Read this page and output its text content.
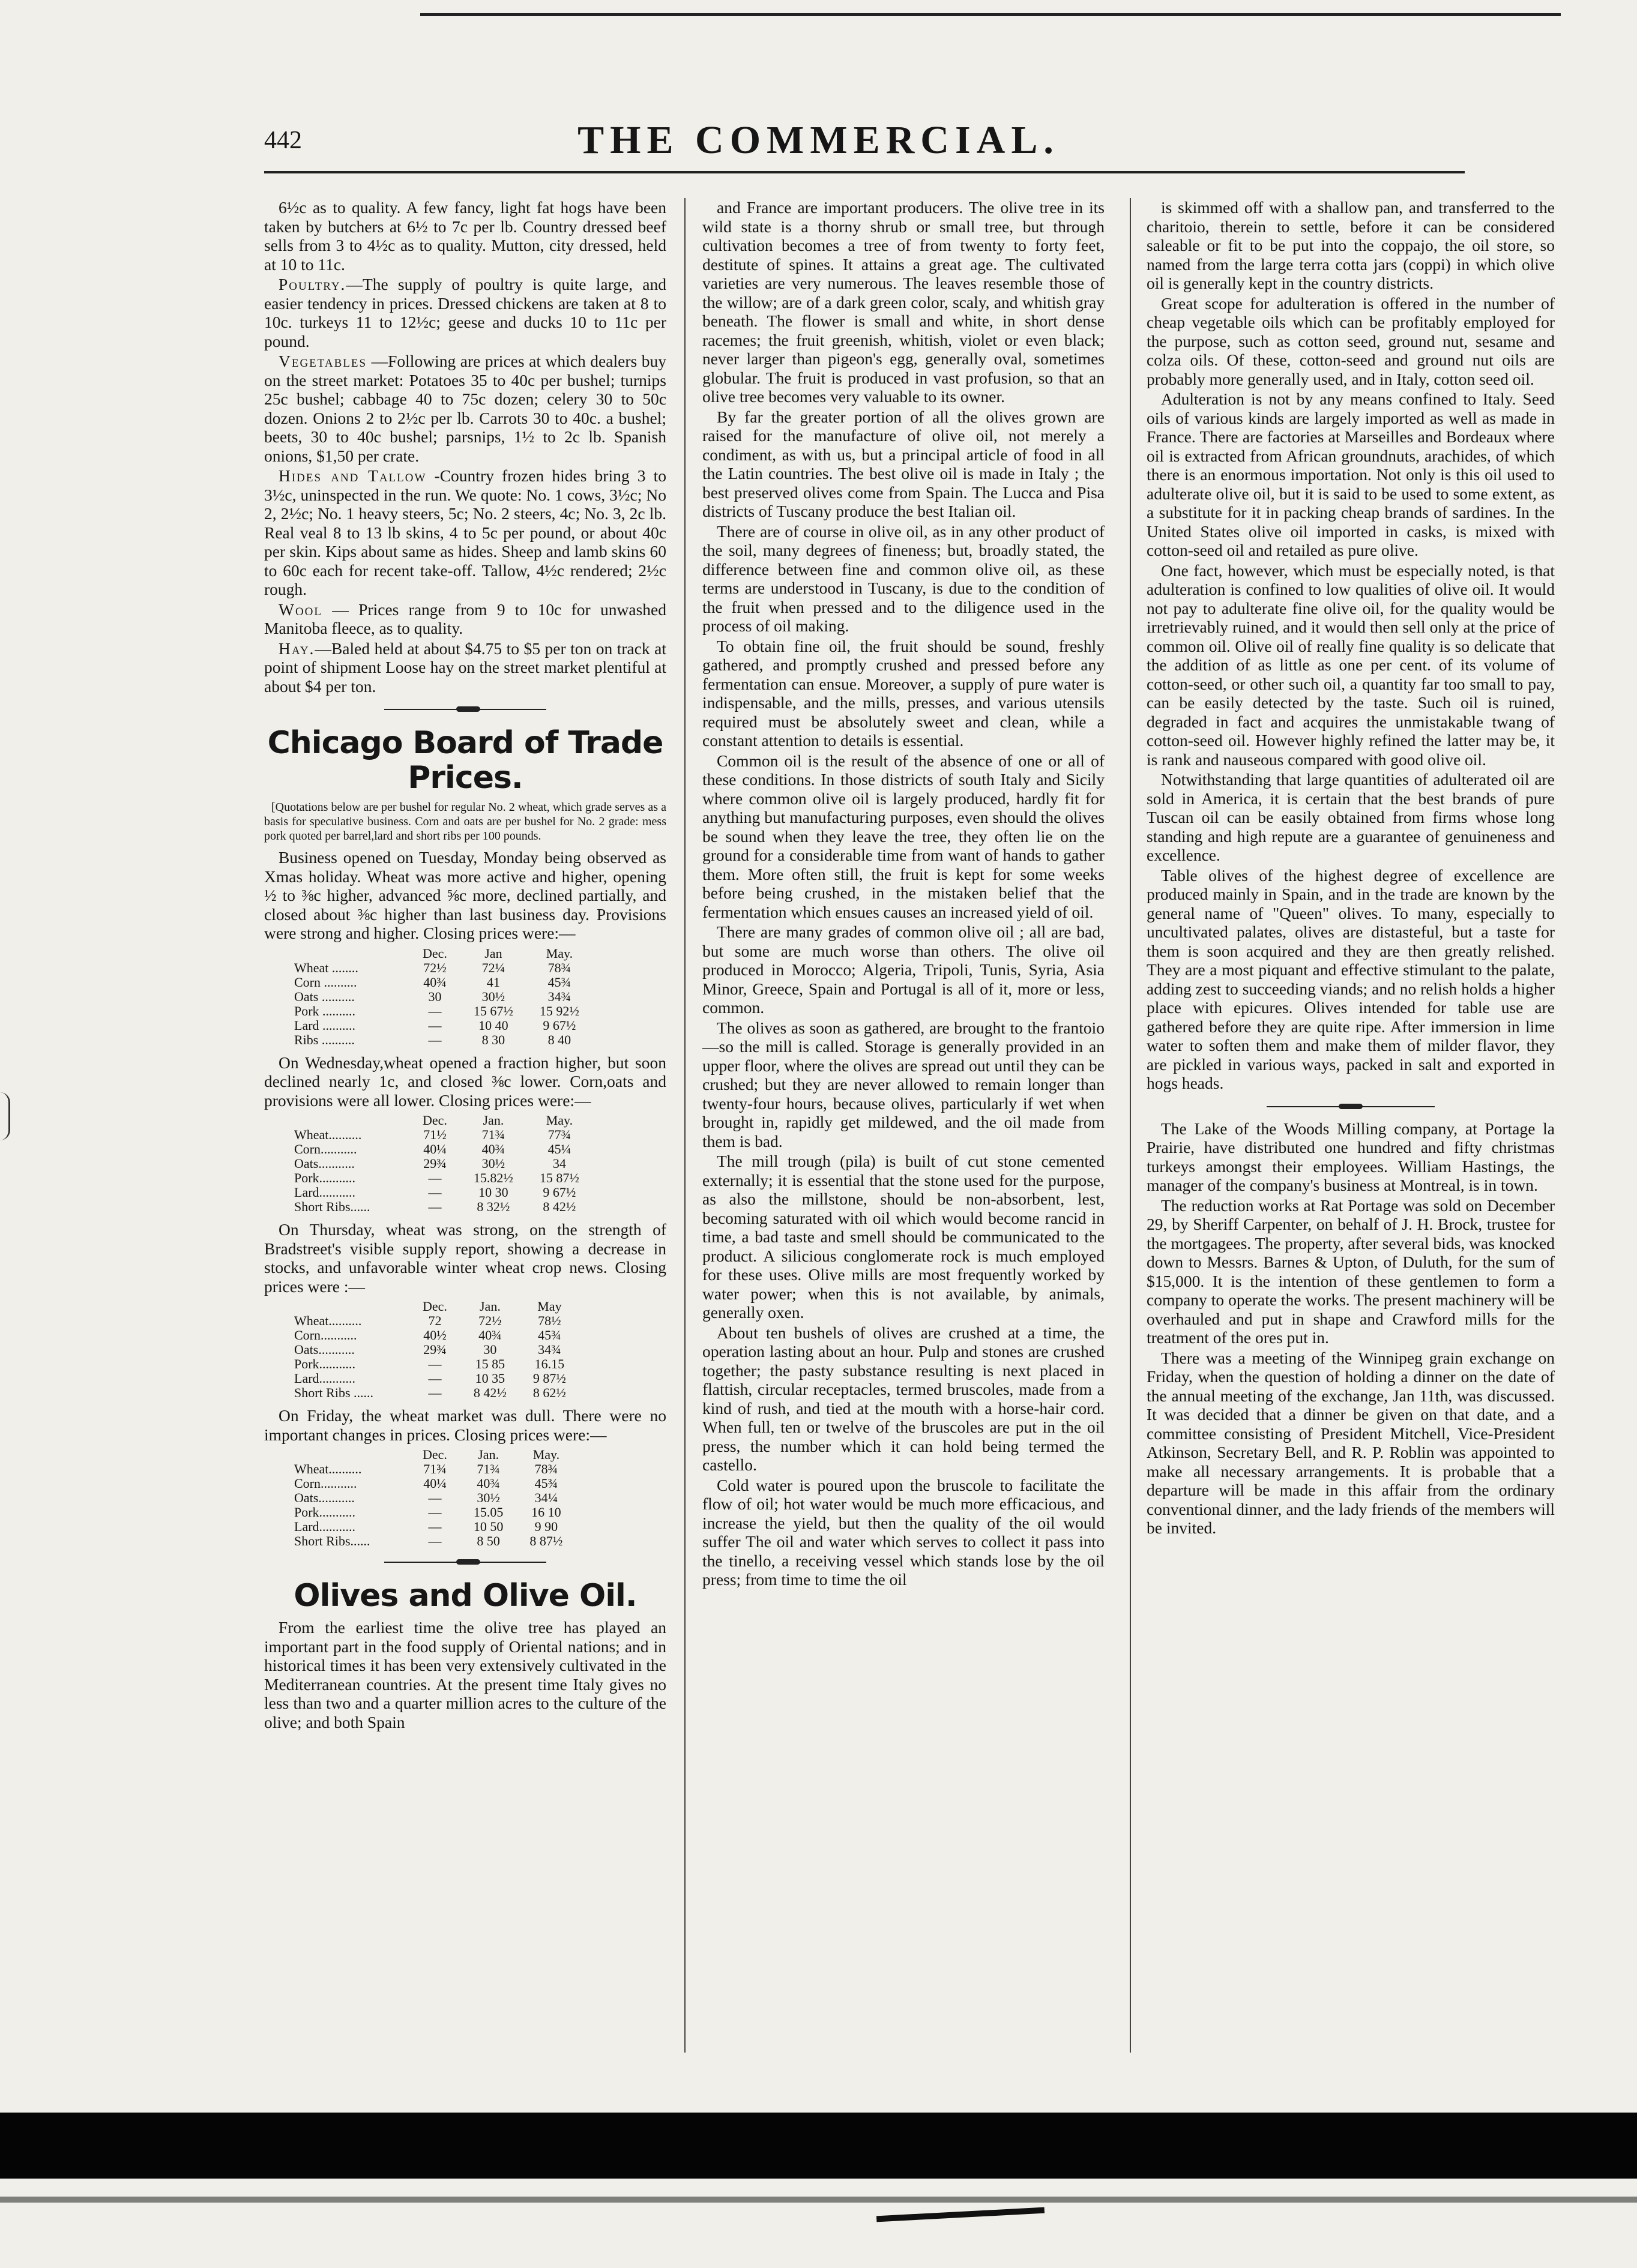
442	THE COMMERCIAL.

6½c as to quality. A few fancy, light fat hogs have been taken by butchers at 6½ to 7c per lb. Country dressed beef sells from 3 to 4½c as to quality. Mutton, city dressed, held at 10 to 11c.

Poultry.—The supply of poultry is quite large, and easier tendency in prices. Dressed chickens are taken at 8 to 10c. turkeys 11 to 12½c; geese and ducks 10 to 11c per pound.

Vegetables —Following are prices at which dealers buy on the street market: Potatoes 35 to 40c per bushel; turnips 25c bushel; cabbage 40 to 75c dozen; celery 30 to 50c dozen. Onions 2 to 2½c per lb. Carrots 30 to 40c. a bushel; beets, 30 to 40c bushel; parsnips, 1½ to 2c lb. Spanish onions, $1,50 per crate.

Hides and Tallow -Country frozen hides bring 3 to 3½c, uninspected in the run. We quote: No. 1 cows, 3½c; No 2, 2½c; No. 1 heavy steers, 5c; No. 2 steers, 4c; No. 3, 2c lb. Real veal 8 to 13 lb skins, 4 to 5c per pound, or about 40c per skin. Kips about same as hides. Sheep and lamb skins 60 to 60c each for recent take-off. Tallow, 4½c rendered; 2½c rough.

Wool — Prices range from 9 to 10c for unwashed Manitoba fleece, as to quality.

Hay.—Baled held at about $4.75 to $5 per ton on track at point of shipment Loose hay on the street market plentiful at about $4 per ton.

Chicago Board of Trade Prices.

[Quotations below are per bushel for regular No. 2 wheat, which grade serves as a basis for speculative business. Corn and oats are per bushel for No. 2 grade: mess pork quoted per barrel,lard and short ribs per 100 pounds.

Business opened on Tuesday, Monday being observed as Xmas holiday. Wheat was more active and higher, opening ½ to ⅜c higher, advanced ⅝c more, declined partially, and closed about ⅜c higher than last business day. Provisions were strong and higher. Closing prices were:—

	Dec.	Jan	May.
Wheat ........	72½	72¼	78¾
Corn ..........	40¾	41	45¾
Oats ..........	30	30½	34¾
Pork ..........	—	15 67½	15 92½
Lard ..........	—	10 40	9 67½
Ribs ..........	—	8 30	8 40

On Wednesday,wheat opened a fraction higher, but soon declined nearly 1c, and closed ⅜c lower. Corn,oats and provisions were all lower. Closing prices were:—

	Dec.	Jan.	May.
Wheat..........	71½	71¾	77¾
Corn...........	40¼	40¾	45¼
Oats...........	29¾	30½	34
Pork...........	—	15.82½	15 87½
Lard...........	—	10 30	9 67½
Short Ribs......	—	8 32½	8 42½

On Thursday, wheat was strong, on the strength of Bradstreet's visible supply report, showing a decrease in stocks, and unfavorable winter wheat crop news. Closing prices were :—

	Dec.	Jan.	May
Wheat..........	72	72½	78½
Corn...........	40½	40¾	45¾
Oats...........	29¾	30	34¾
Pork...........	—	15 85	16.15
Lard...........	—	10 35	9 87½
Short Ribs ......	—	8 42½	8 62½

On Friday, the wheat market was dull. There were no important changes in prices. Closing prices were:—

	Dec.	Jan.	May.
Wheat..........	71¾	71¾	78¾
Corn...........	40¼	40¾	45¾
Oats...........	—	30½	34¼
Pork...........	—	15.05	16 10
Lard...........	—	10 50	9 90
Short Ribs......	—	8 50	8 87½
Olives and Olive Oil.

From the earliest time the olive tree has played an important part in the food supply of Oriental nations; and in historical times it has been very extensively cultivated in the Mediterranean countries. At the present time Italy gives no less than two and a quarter million acres to the culture of the olive; and both Spain

and France are important producers. The olive tree in its wild state is a thorny shrub or small tree, but through cultivation becomes a tree of from twenty to forty feet, destitute of spines. It attains a great age. The cultivated varieties are very numerous. The leaves resemble those of the willow; are of a dark green color, scaly, and whitish gray beneath. The flower is small and white, in short dense racemes; the fruit greenish, whitish, violet or even black; never larger than pigeon's egg, generally oval, sometimes globular. The fruit is produced in vast profusion, so that an olive tree becomes very valuable to its owner.

By far the greater portion of all the olives grown are raised for the manufacture of olive oil, not merely a condiment, as with us, but a principal article of food in all the Latin countries. The best olive oil is made in Italy ; the best preserved olives come from Spain. The Lucca and Pisa districts of Tuscany produce the best Italian oil.

There are of course in olive oil, as in any other product of the soil, many degrees of fineness; but, broadly stated, the difference between fine and common olive oil, as these terms are understood in Tuscany, is due to the condition of the fruit when pressed and to the diligence used in the process of oil making.

To obtain fine oil, the fruit should be sound, freshly gathered, and promptly crushed and pressed before any fermentation can ensue. Moreover, a supply of pure water is indispensable, and the mills, presses, and various utensils required must be absolutely sweet and clean, while a constant attention to details is essential.

Common oil is the result of the absence of one or all of these conditions. In those districts of south Italy and Sicily where common olive oil is largely produced, hardly fit for anything but manufacturing purposes, even should the olives be sound when they leave the tree, they often lie on the ground for a considerable time from want of hands to gather them. More often still, the fruit is kept for some weeks before being crushed, in the mistaken belief that the fermentation which ensues causes an increased yield of oil.

There are many grades of common olive oil ; all are bad, but some are much worse than others. The olive oil produced in Morocco; Algeria, Tripoli, Tunis, Syria, Asia Minor, Greece, Spain and Portugal is all of it, more or less, common.

The olives as soon as gathered, are brought to the frantoio—so the mill is called. Storage is generally provided in an upper floor, where the olives are spread out until they can be crushed; but they are never allowed to remain longer than twenty-four hours, because olives, particularly if wet when brought in, rapidly get mildewed, and the oil made from them is bad.

The mill trough (pila) is built of cut stone cemented externally; it is essential that the stone used for the purpose, as also the millstone, should be non-absorbent, lest, becoming saturated with oil which would become rancid in time, a bad taste and smell should be communicated to the product. A silicious conglomerate rock is much employed for these uses. Olive mills are most frequently worked by water power; when this is not available, by animals, generally oxen.

About ten bushels of olives are crushed at a time, the operation lasting about an hour. Pulp and stones are crushed together; the pasty substance resulting is next placed in flattish, circular receptacles, termed bruscoles, made from a kind of rush, and tied at the mouth with a horse-hair cord. When full, ten or twelve of the bruscoles are put in the oil press, the number which it can hold being termed the castello.

Cold water is poured upon the bruscole to facilitate the flow of oil; hot water would be much more efficacious, and increase the yield, but then the quality of the oil would suffer The oil and water which serves to collect it pass into the tinello, a receiving vessel which stands lose by the oil press; from time to time the oil

is skimmed off with a shallow pan, and transferred to the charitoio, therein to settle, before it can be considered saleable or fit to be put into the coppajo, the oil store, so named from the large terra cotta jars (coppi) in which olive oil is generally kept in the country districts.

Great scope for adulteration is offered in the number of cheap vegetable oils which can be profitably employed for the purpose, such as cotton seed, ground nut, sesame and colza oils. Of these, cotton-seed and ground nut oils are probably more generally used, and in Italy, cotton seed oil.

Adulteration is not by any means confined to Italy. Seed oils of various kinds are largely imported as well as made in France. There are factories at Marseilles and Bordeaux where oil is extracted from African groundnuts, arachides, of which there is an enormous importation. Not only is this oil used to adulterate olive oil, but it is said to be used to some extent, as a substitute for it in packing cheap brands of sardines. In the United States olive oil imported in casks, is mixed with cotton-seed oil and retailed as pure olive.

One fact, however, which must be especially noted, is that adulteration is confined to low qualities of olive oil. It would not pay to adulterate fine olive oil, for the quality would be irretrievably ruined, and it would then sell only at the price of common oil. Olive oil of really fine quality is so delicate that the addition of as little as one per cent. of its volume of cotton-seed, or other such oil, a quantity far too small to pay, can be easily detected by the taste. Such oil is ruined, degraded in fact and acquires the unmistakable twang of cotton-seed oil. However highly refined the latter may be, it is rank and nauseous compared with good olive oil.

Notwithstanding that large quantities of adulterated oil are sold in America, it is certain that the best brands of pure Tuscan oil can be easily obtained from firms whose long standing and high repute are a guarantee of genuineness and excellence.

Table olives of the highest degree of excellence are produced mainly in Spain, and in the trade are known by the general name of "Queen" olives. To many, especially to uncultivated palates, olives are distasteful, but a taste for them is soon acquired and they are then greatly relished. They are a most piquant and effective stimulant to the palate, adding zest to succeeding viands; and no relish holds a higher place with epicures. Olives intended for table use are gathered before they are quite ripe. After immersion in lime water to soften them and make them of milder flavor, they are pickled in various ways, packed in salt and exported in hogs heads.

The Lake of the Woods Milling company, at Portage la Prairie, have distributed one hundred and fifty christmas turkeys amongst their employees. William Hastings, the manager of the company's business at Montreal, is in town.

The reduction works at Rat Portage was sold on December 29, by Sheriff Carpenter, on behalf of J. H. Brock, trustee for the mortgagees. The property, after several bids, was knocked down to Messrs. Barnes & Upton, of Duluth, for the sum of $15,000. It is the intention of these gentlemen to form a company to operate the works. The present machinery will be overhauled and put in shape and Crawford mills for the treatment of the ores put in.

There was a meeting of the Winnipeg grain exchange on Friday, when the question of holding a dinner on the date of the annual meeting of the exchange, Jan 11th, was discussed. It was decided that a dinner be given on that date, and a committee consisting of President Mitchell, Vice-President Atkinson, Secretary Bell, and R. P. Roblin was appointed to make all necessary arrangements. It is probable that a departure will be made in this affair from the ordinary conventional dinner, and the lady friends of the members will be invited.
